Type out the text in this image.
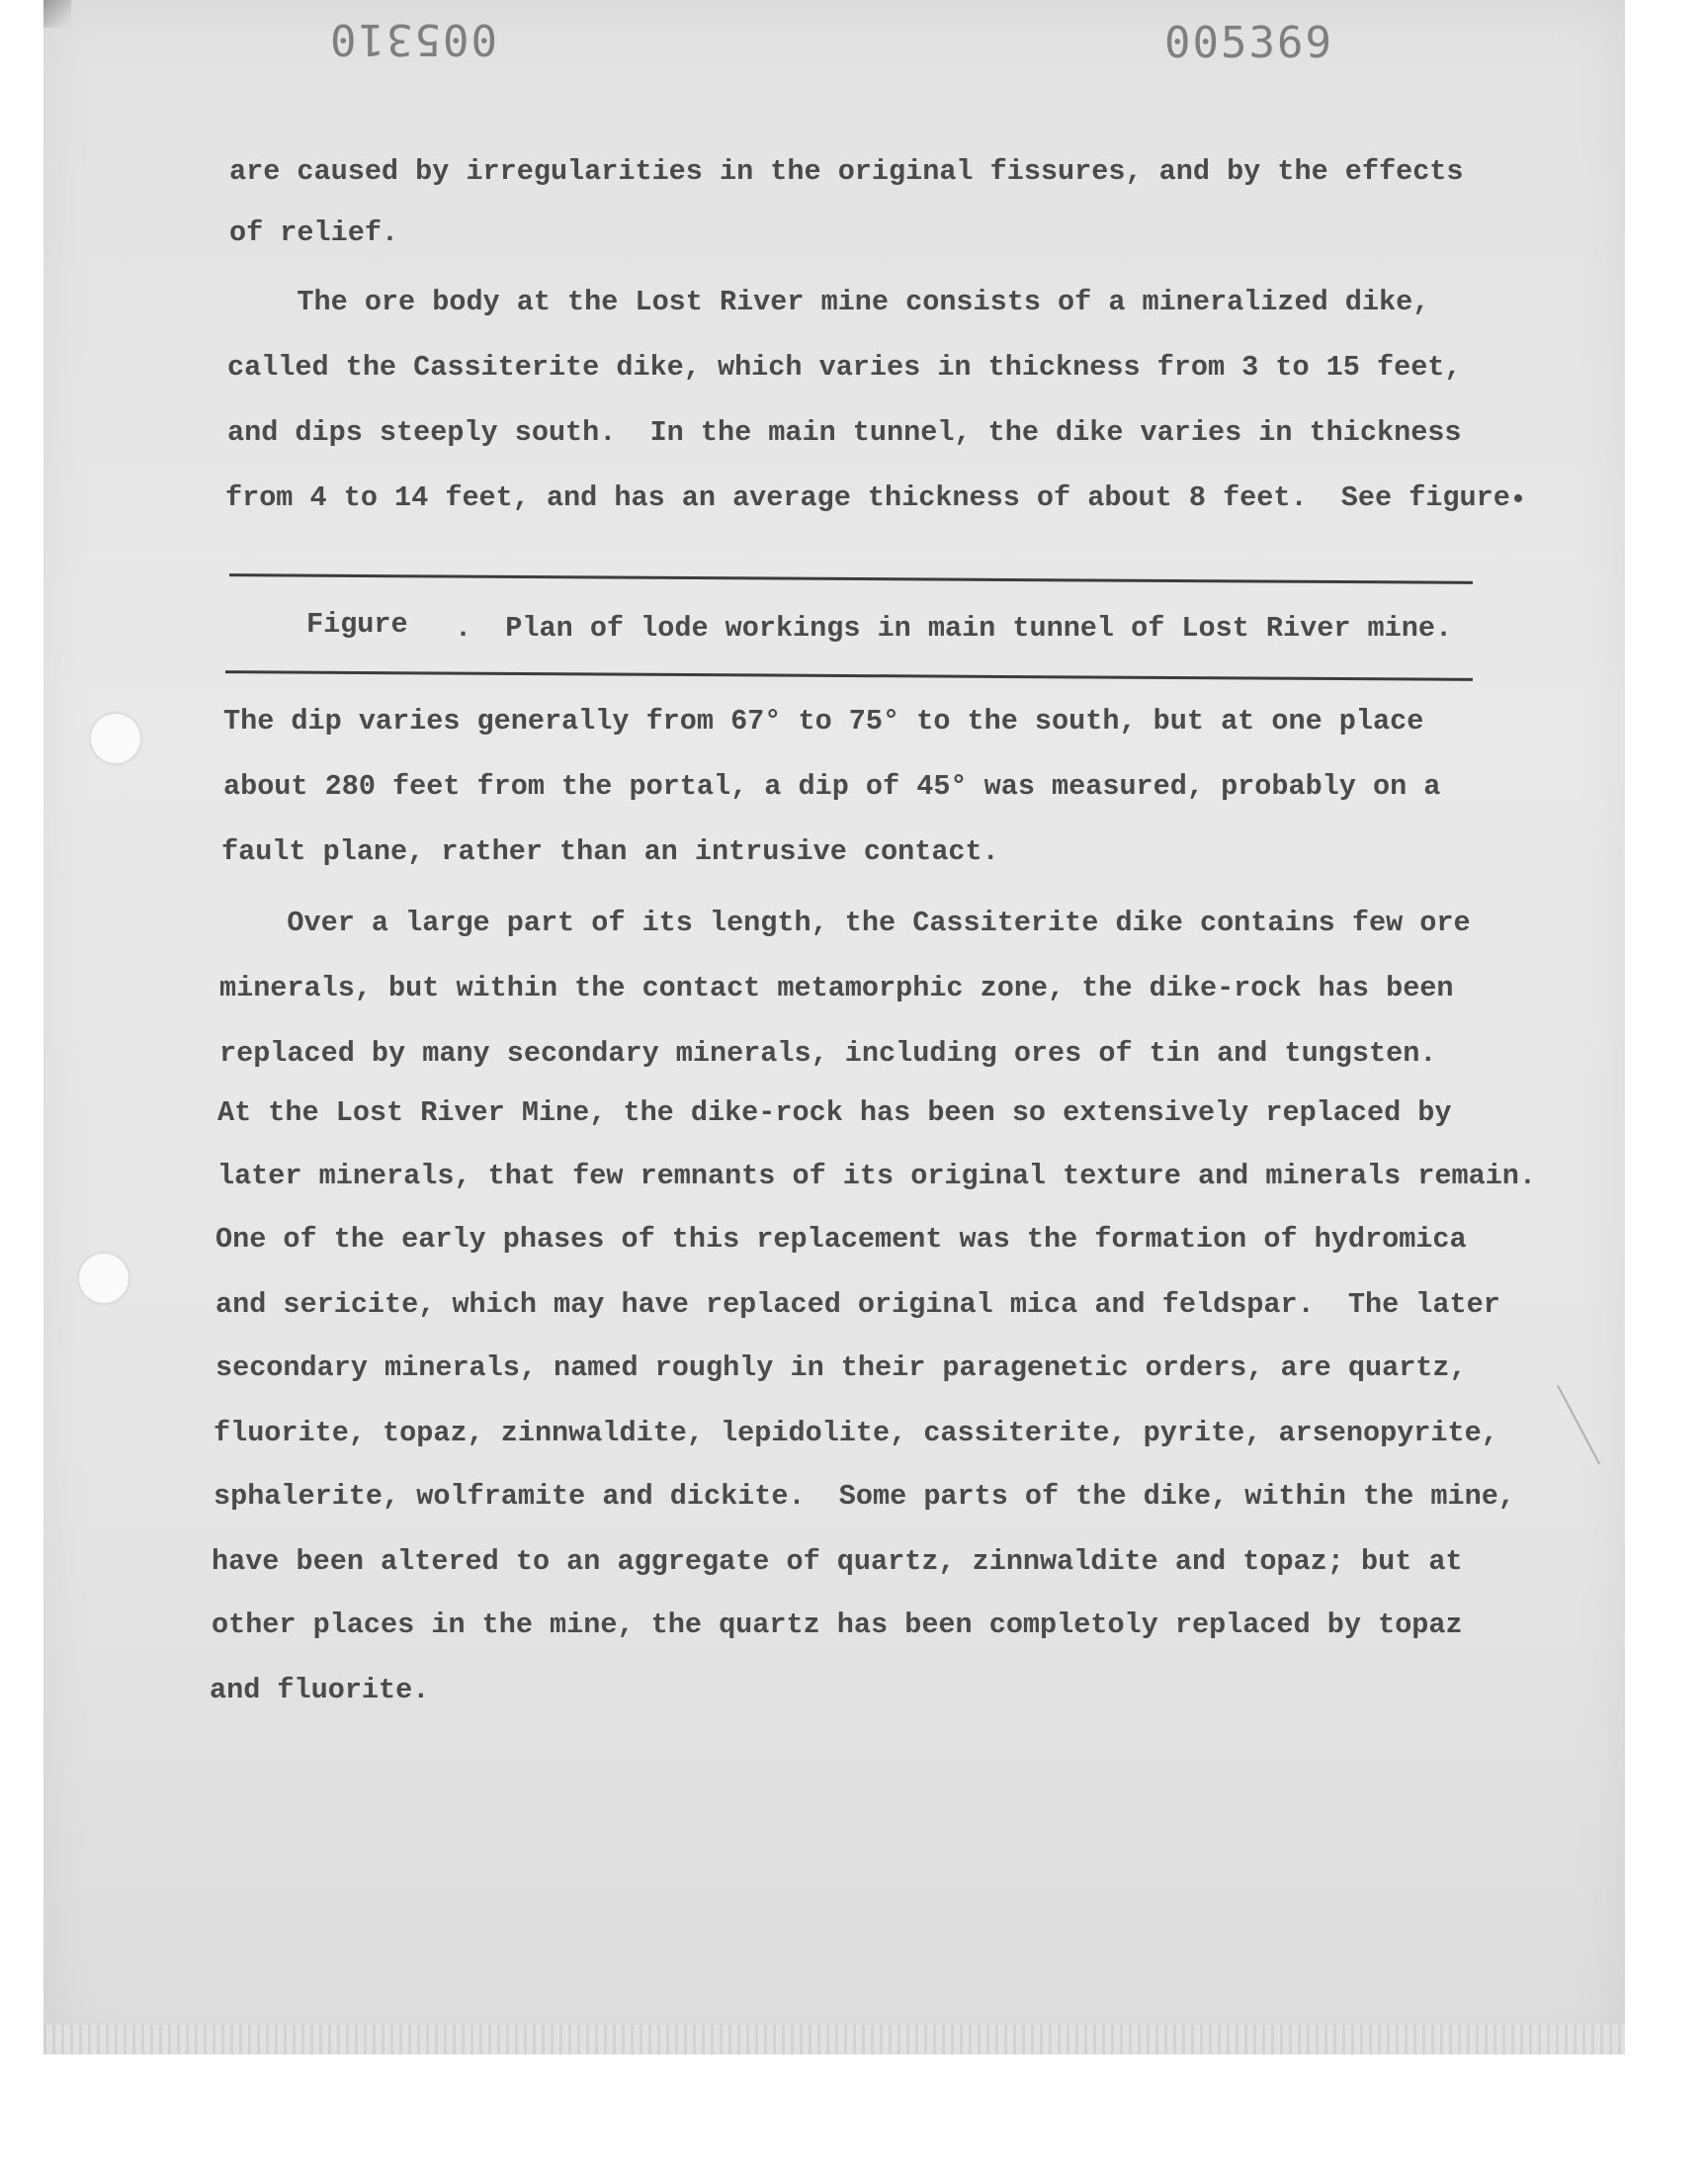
005310	005369
are caused by irregularities in the original fissures, and by the effects
of relief.
The ore body at the Lost River mine consists of a mineralized dike,
called the Cassiterite dike, which varies in thickness from 3 to 15 feet,
and dips steeply south.  In the main tunnel, the dike varies in thickness
from 4 to 14 feet, and has an average thickness of about 8 feet.  See figure
Figure .  Plan of lode workings in main tunnel of Lost River mine.
The dip varies generally from 67° to 75° to the south, but at one place
about 280 feet from the portal, a dip of 45° was measured, probably on a
fault plane, rather than an intrusive contact.
Over a large part of its length, the Cassiterite dike contains few ore
minerals, but within the contact metamorphic zone, the dike-rock has been
replaced by many secondary minerals, including ores of tin and tungsten.
At the Lost River Mine, the dike-rock has been so extensively replaced by
later minerals, that few remnants of its original texture and minerals remain.
One of the early phases of this replacement was the formation of hydromica
and sericite, which may have replaced original mica and feldspar.  The later
secondary minerals, named roughly in their paragenetic orders, are quartz,
fluorite, topaz, zinnwaldite, lepidolite, cassiterite, pyrite, arsenopyrite,
sphalerite, wolframite and dickite.  Some parts of the dike, within the mine,
have been altered to an aggregate of quartz, zinnwaldite and topaz; but at
other places in the mine, the quartz has been completoly replaced by topaz
and fluorite.
